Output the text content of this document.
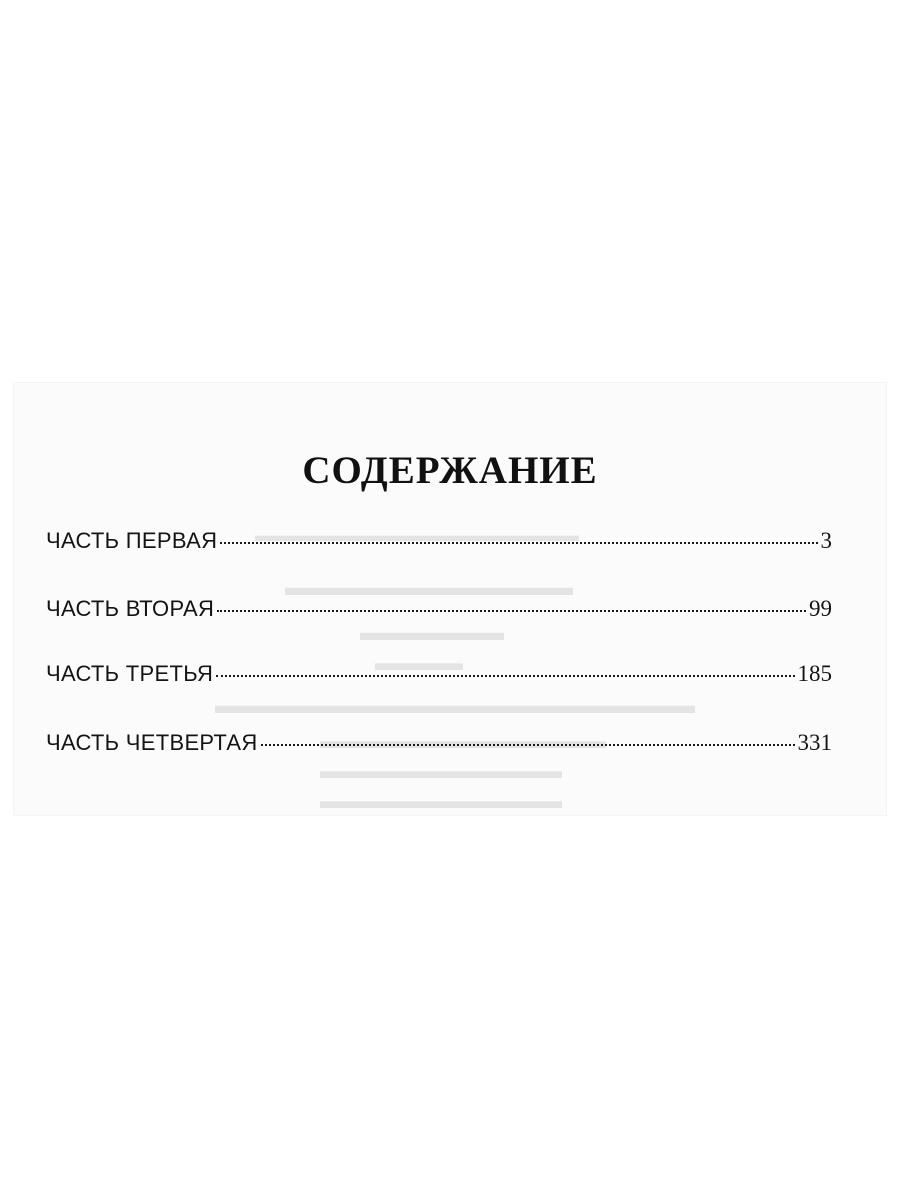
▬▬▬▬▬▬▬▬▬▬▬▬▬▬▬▬▬▬
▬▬▬▬▬▬▬▬▬▬▬▬
▬▬▬▬▬▬
▬▬▬▬
▬▬▬▬▬▬▬▬▬▬▬▬▬▬▬▬▬▬▬▬
▬▬▬▬▬▬▬▬▬▬▬▬▬
▬▬▬▬▬▬▬▬▬▬▬
▬▬▬▬▬▬▬▬▬▬▬
СОДЕРЖАНИЕ
ЧАСТЬ ПЕРВАЯ	3
ЧАСТЬ ВТОРАЯ	99
ЧАСТЬ ТРЕТЬЯ	185
ЧАСТЬ ЧЕТВЕРТАЯ	331
